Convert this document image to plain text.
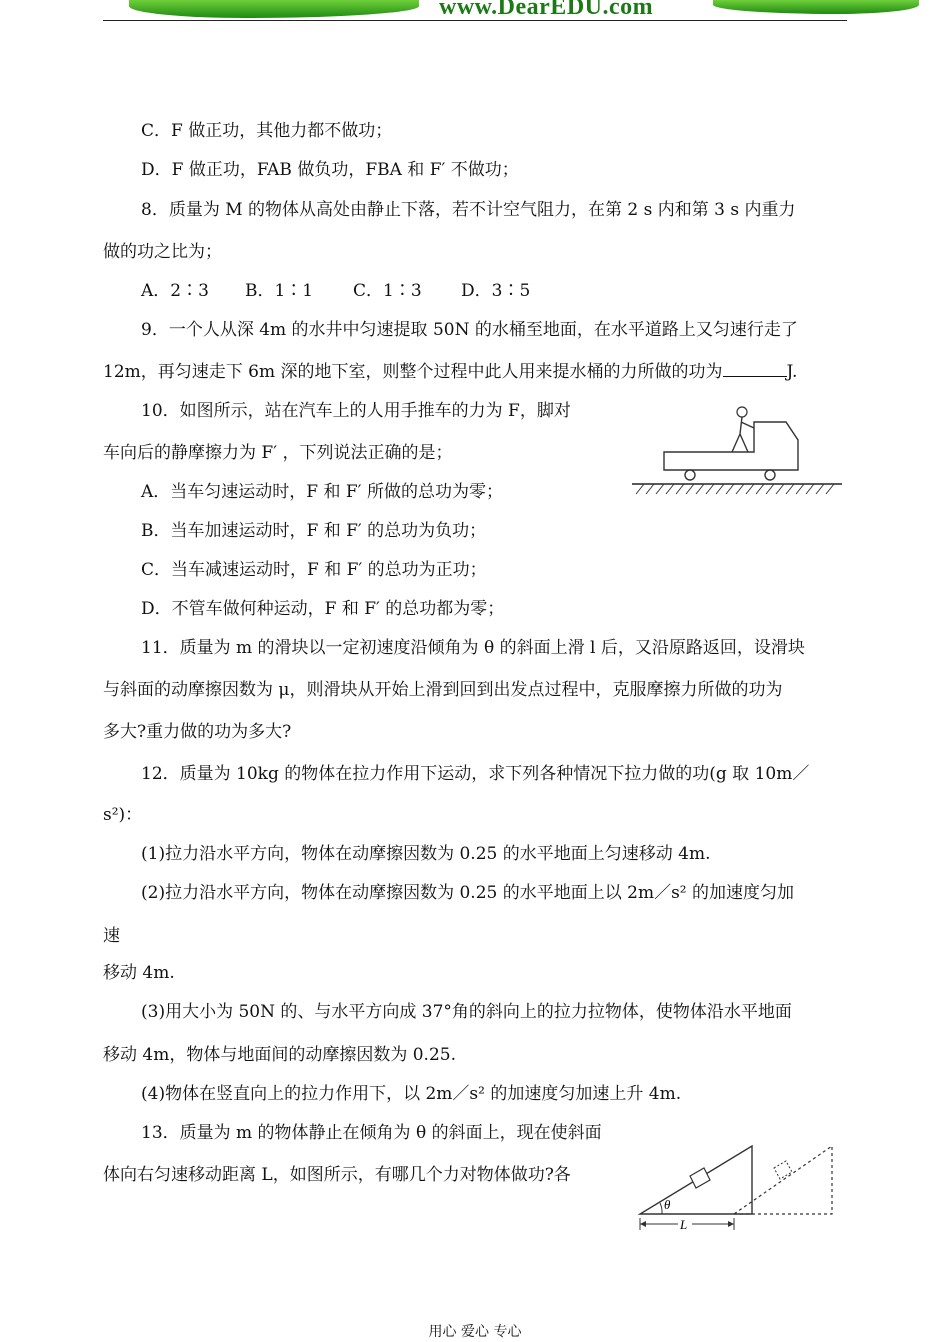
www.DearEDU.com
C．F 做正功，其他力都不做功；
D．F 做正功，FAB 做负功，FBA 和 F′ 不做功；
8．质量为 M 的物体从高处由静止下落，若不计空气阻力，在第 2 s 内和第 3 s 内重力
做的功之比为；
A．2∶3 B．1∶1 C．1∶3 D．3∶5
9．一个人从深 4m 的水井中匀速提取 50N 的水桶至地面，在水平道路上又匀速行走了
12m，再匀速走下 6m 深的地下室，则整个过程中此人用来提水桶的力所做的功为	J.
10．如图所示，站在汽车上的人用手推车的力为 F，脚对
车向后的静摩擦力为 F′ ，下列说法正确的是；
A．当车匀速运动时，F 和 F′ 所做的总功为零；
B．当车加速运动时，F 和 F′ 的总功为负功；
C．当车减速运动时，F 和 F′ 的总功为正功；
D．不管车做何种运动，F 和 F′ 的总功都为零；
11．质量为 m 的滑块以一定初速度沿倾角为 θ 的斜面上滑 l 后，又沿原路返回，设滑块
与斜面的动摩擦因数为 μ，则滑块从开始上滑到回到出发点过程中，克服摩擦力所做的功为
多大?重力做的功为多大?
12．质量为 10kg 的物体在拉力作用下运动，求下列各种情况下拉力做的功(g 取 10m／
s²)：
(1)拉力沿水平方向，物体在动摩擦因数为 0.25 的水平地面上匀速移动 4m.
(2)拉力沿水平方向，物体在动摩擦因数为 0.25 的水平地面上以 2m／s² 的加速度匀加
速
移动 4m.
(3)用大小为 50N 的、与水平方向成 37°角的斜向上的拉力拉物体，使物体沿水平地面
移动 4m，物体与地面间的动摩擦因数为 0.25.
(4)物体在竖直向上的拉力作用下，以 2m／s² 的加速度匀加速上升 4m.
13．质量为 m 的物体静止在倾角为 θ 的斜面上，现在使斜面
体向右匀速移动距离 L，如图所示，有哪几个力对物体做功?各
θ
L
用心 爱心 专心
